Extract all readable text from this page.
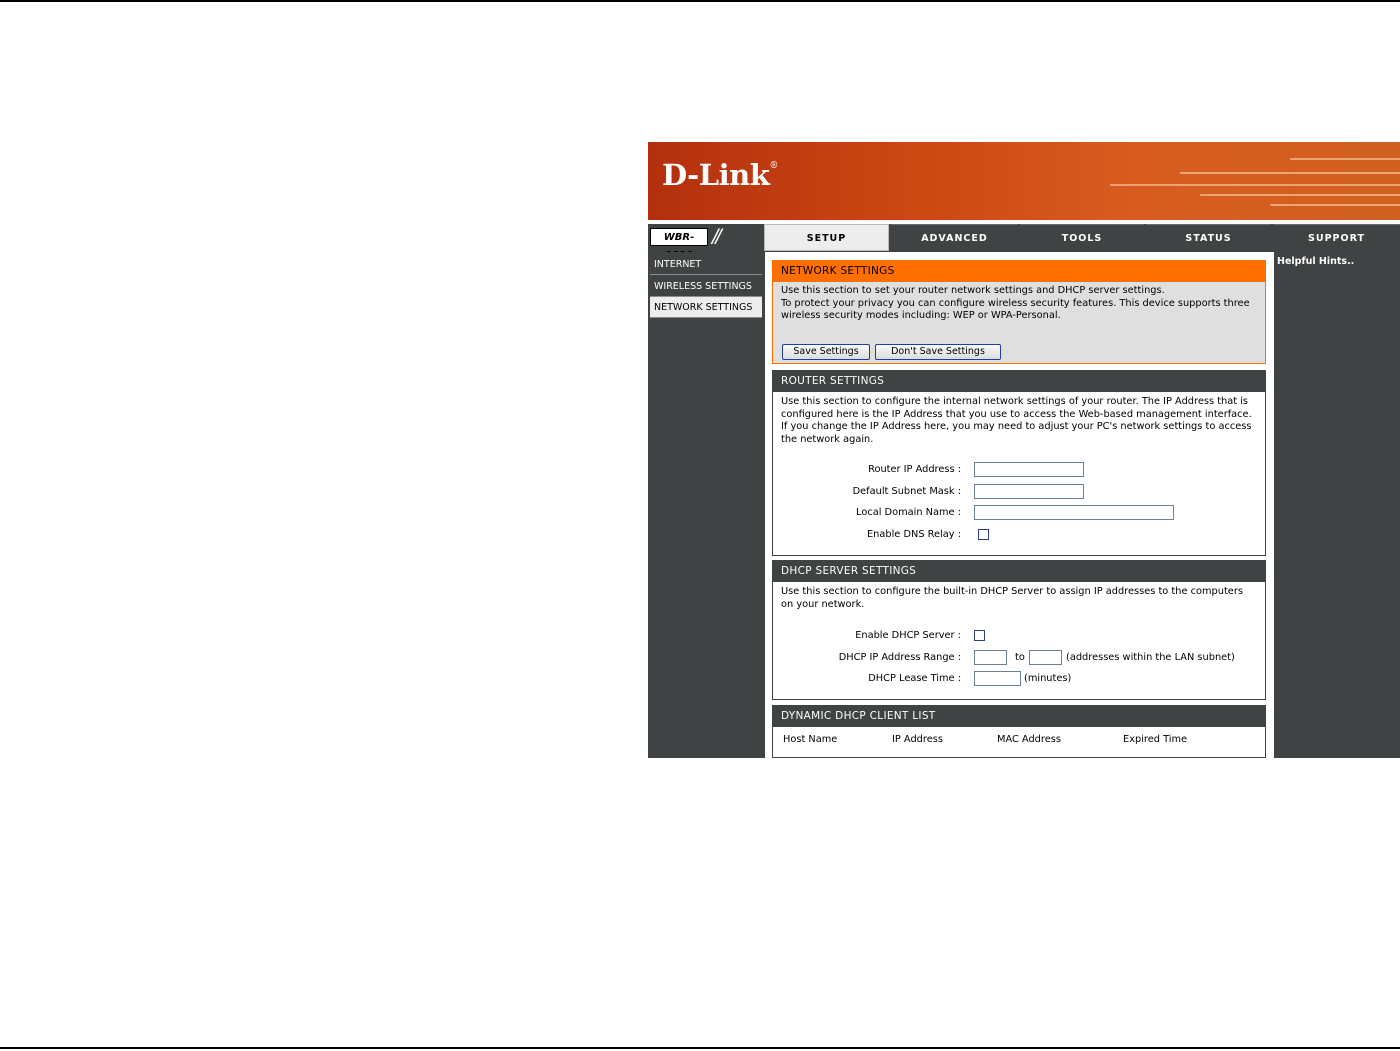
D-Link®
WBR- //	SETUP	ADVANCED	TOOLS	STATUS	SUPPORT
INTERNET
WIRELESS SETTINGS
NETWORK SETTINGS
Helpful Hints..
NETWORK SETTINGS
Use this section to set your router network settings and DHCP server settings.
To protect your privacy you can configure wireless security features. This device supports three wireless security modes including: WEP or WPA-Personal.
Save Settings	Don't Save Settings
ROUTER SETTINGS
Use this section to configure the internal network settings of your router. The IP Address that is configured here is the IP Address that you use to access the Web-based management interface. If you change the IP Address here, you may need to adjust your PC's network settings to access the network again.
Router IP Address :
Default Subnet Mask :
Local Domain Name :
Enable DNS Relay :
DHCP SERVER SETTINGS
Use this section to configure the built-in DHCP Server to assign IP addresses to the computers on your network.
Enable DHCP Server :
DHCP IP Address Range :	to	(addresses within the LAN subnet)
DHCP Lease Time :	(minutes)
DYNAMIC DHCP CLIENT LIST
Host Name	IP Address	MAC Address	Expired Time
